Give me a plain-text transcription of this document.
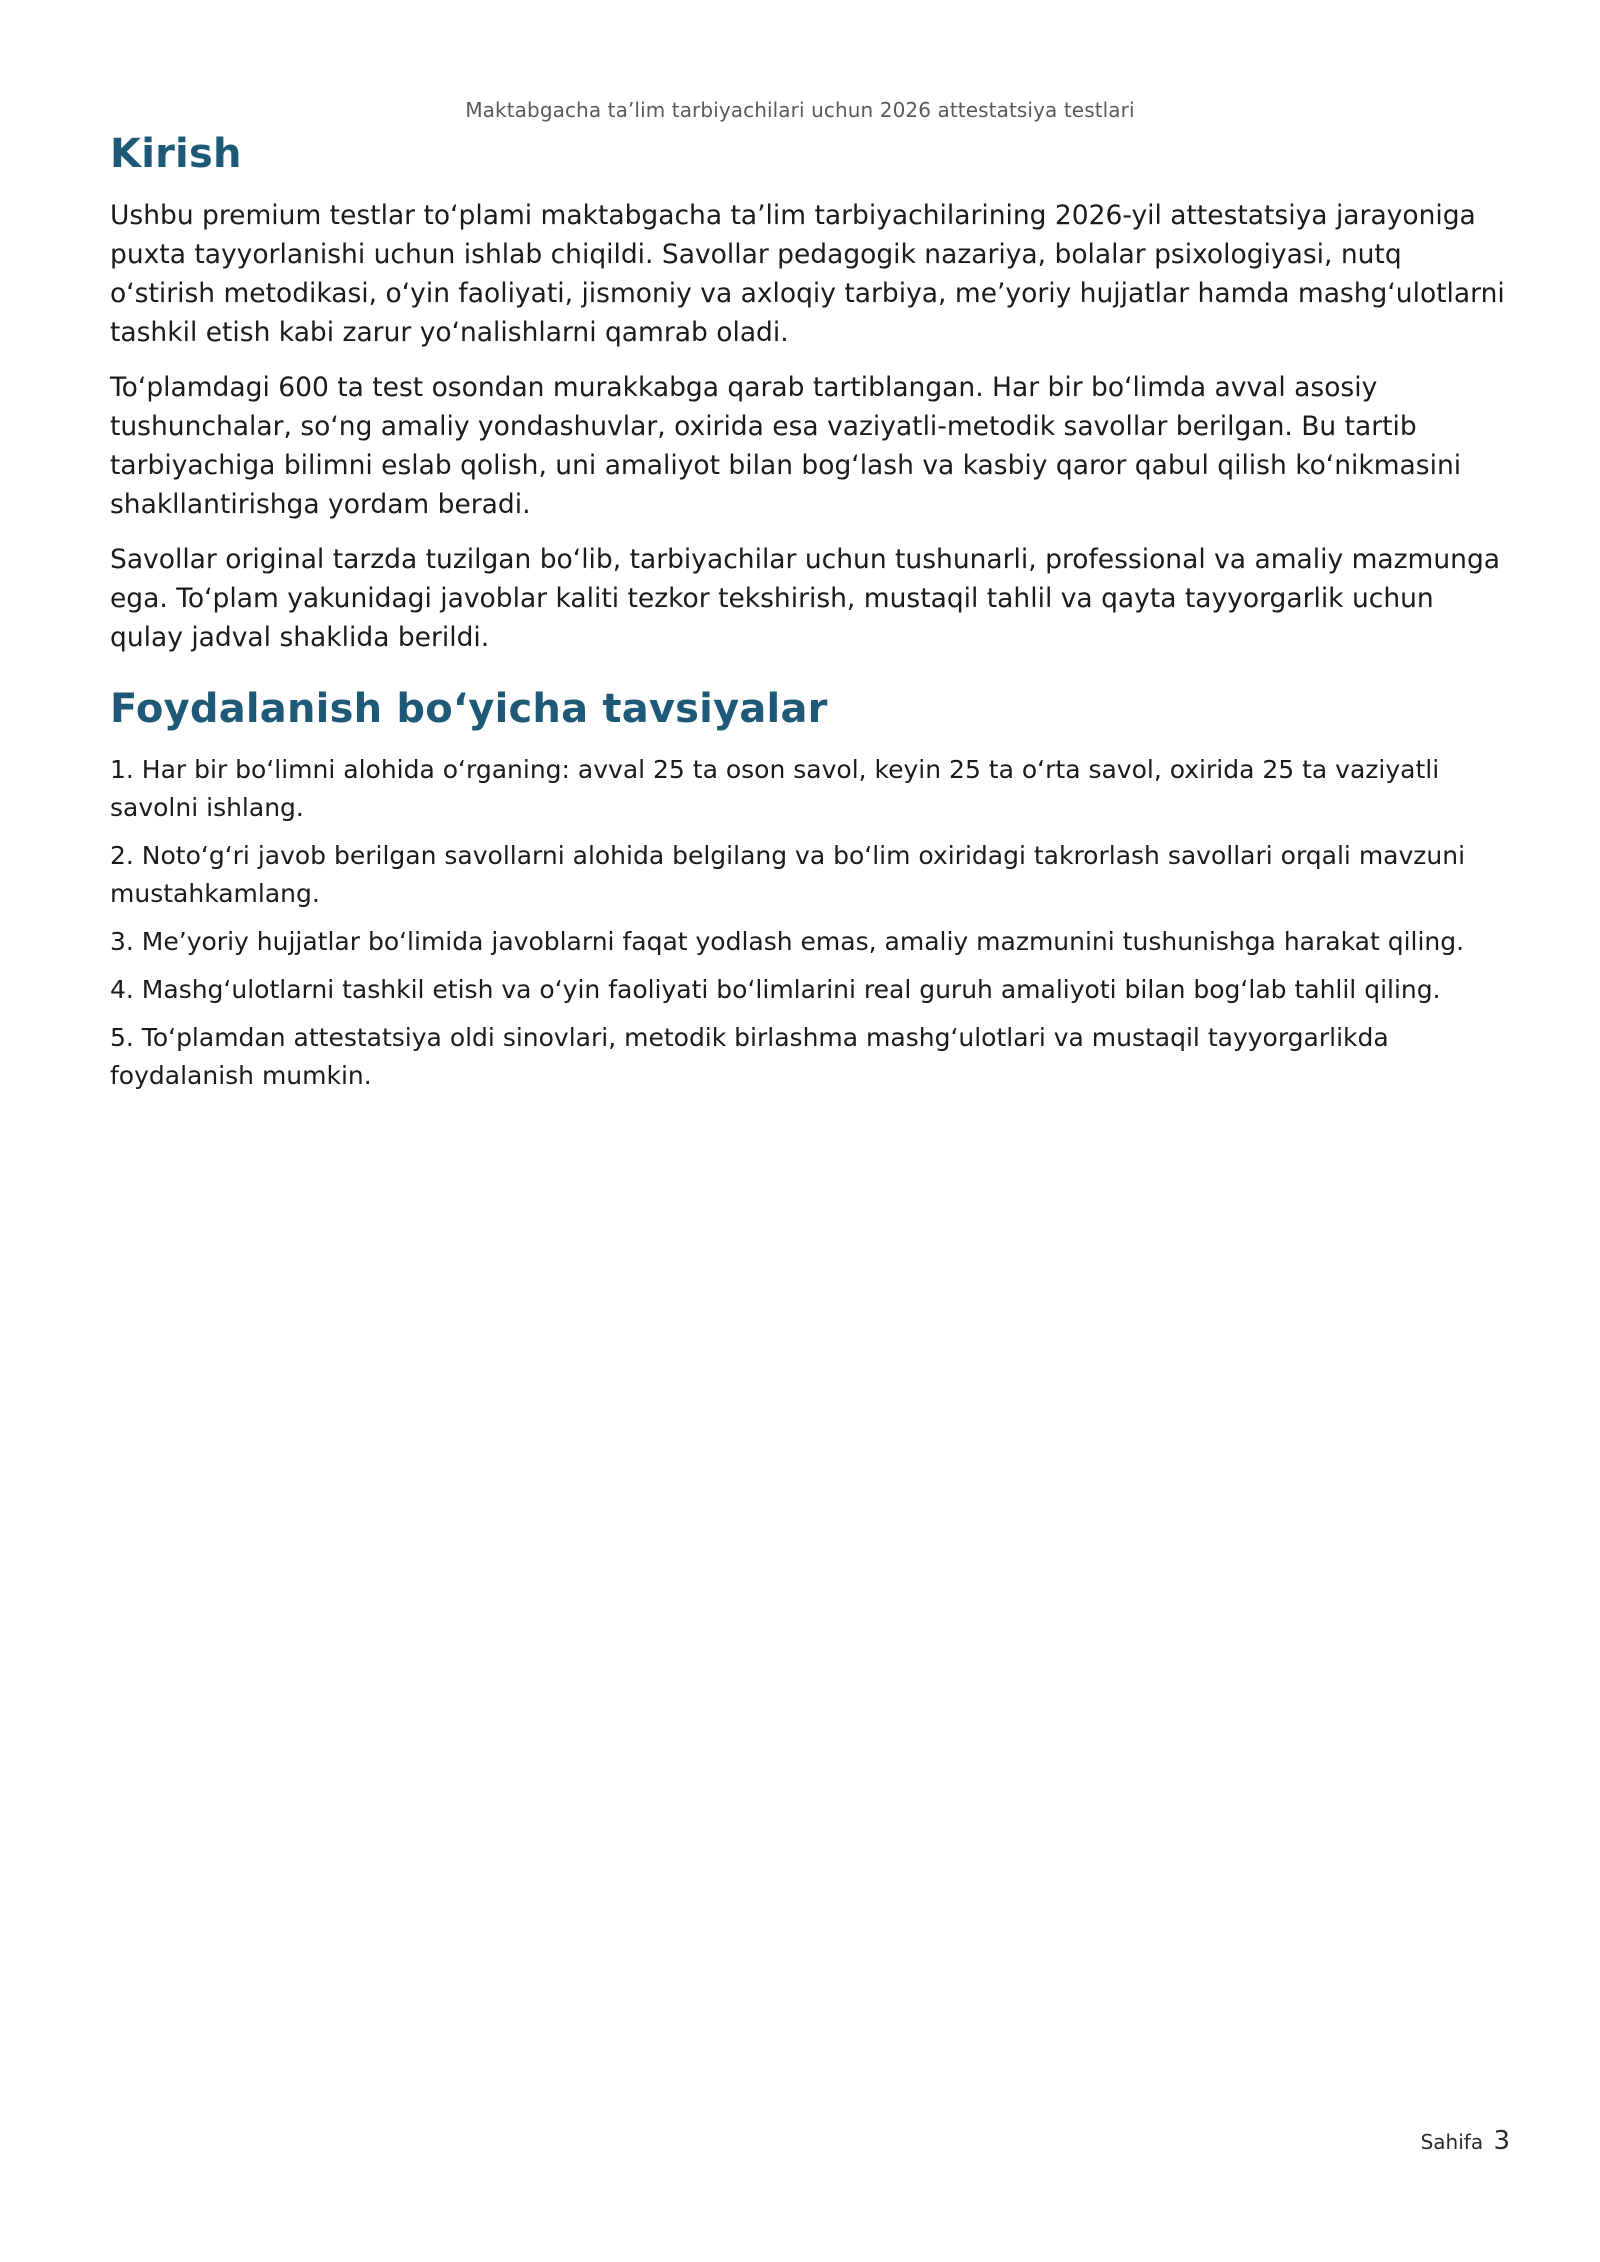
Maktabgacha ta’lim tarbiyachilari uchun 2026 attestatsiya testlari
Kirish

Ushbu premium testlar to‘plami maktabgacha ta’lim tarbiyachilarining 2026-yil attestatsiya jarayoniga puxta tayyorlanishi uchun ishlab chiqildi. Savollar pedagogik nazariya, bolalar psixologiyasi, nutq o‘stirish metodikasi, o‘yin faoliyati, jismoniy va axloqiy tarbiya, me’yoriy hujjatlar hamda mashg‘ulotlarni tashkil etish kabi zarur yo‘nalishlarni qamrab oladi.

To‘plamdagi 600 ta test osondan murakkabga qarab tartiblangan. Har bir bo‘limda avval asosiy tushunchalar, so‘ng amaliy yondashuvlar, oxirida esa vaziyatli-metodik savollar berilgan. Bu tartib tarbiyachiga bilimni eslab qolish, uni amaliyot bilan bog‘lash va kasbiy qaror qabul qilish ko‘nikmasini shakllantirishga yordam beradi.

Savollar original tarzda tuzilgan bo‘lib, tarbiyachilar uchun tushunarli, professional va amaliy mazmunga ega. To‘plam yakunidagi javoblar kaliti tezkor tekshirish, mustaqil tahlil va qayta tayyorgarlik uchun qulay jadval shaklida berildi.

Foydalanish bo‘yicha tavsiyalar

1. Har bir bo‘limni alohida o‘rganing: avval 25 ta oson savol, keyin 25 ta o‘rta savol, oxirida 25 ta vaziyatli savolni ishlang.

2. Noto‘g‘ri javob berilgan savollarni alohida belgilang va bo‘lim oxiridagi takrorlash savollari orqali mavzuni mustahkamlang.

3. Me’yoriy hujjatlar bo‘limida javoblarni faqat yodlash emas, amaliy mazmunini tushunishga harakat qiling.

4. Mashg‘ulotlarni tashkil etish va o‘yin faoliyati bo‘limlarini real guruh amaliyoti bilan bog‘lab tahlil qiling.

5. To‘plamdan attestatsiya oldi sinovlari, metodik birlashma mashg‘ulotlari va mustaqil tayyorgarlikda foydalanish mumkin.

Sahifa 3
